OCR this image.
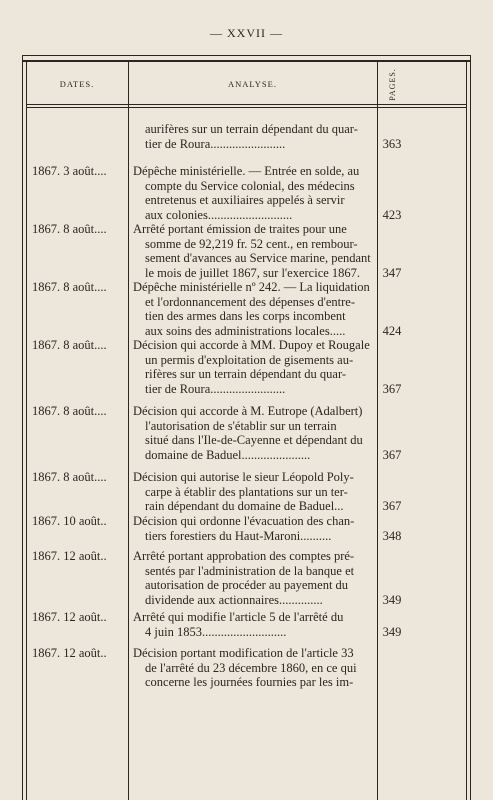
— XXVII —
DATES.	ANALYSE.	PAGES.
aurifères sur un terrain dépendant du quar-
tier de Roura........................	363
1867. 3 août....	Dépêche ministérielle. — Entrée en solde, au
compte du Service colonial, des médecins
entretenus et auxiliaires appelés à servir
aux colonies...........................	423
1867. 8 août....	Arrêté portant émission de traites pour une
somme de 92,219 fr. 52 cent., en rembour-
sement d'avances au Service marine, pendant
le mois de juillet 1867, sur l'exercice 1867.	347
1867. 8 août....	Dépêche ministérielle nº 242. — La liquidation
et l'ordonnancement des dépenses d'entre-
tien des armes dans les corps incombent
aux soins des administrations locales.....	424
1867. 8 août....	Décision qui accorde à MM. Dupoy et Rougale
un permis d'exploitation de gisements au-
rifères sur un terrain dépendant du quar-
tier de Roura........................	367
1867. 8 août....	Décision qui accorde à M. Eutrope (Adalbert)
l'autorisation de s'établir sur un terrain
situé dans l'Ile-de-Cayenne et dépendant du
domaine de Baduel......................	367
1867. 8 août....	Décision qui autorise le sieur Léopold Poly-
carpe à établir des plantations sur un ter-
rain dépendant du domaine de Baduel...	367
1867. 10 août..	Décision qui ordonne l'évacuation des chan-
tiers forestiers du Haut-Maroni..........	348
1867. 12 août..	Arrêté portant approbation des comptes pré-
sentés par l'administration de la banque et
autorisation de procéder au payement du
dividende aux actionnaires..............	349
1867. 12 août..	Arrêté qui modifie l'article 5 de l'arrêté du
4 juin 1853...........................	349
1867. 12 août..	Décision portant modification de l'article 33
de l'arrêté du 23 décembre 1860, en ce qui
concerne les journées fournies par les im-
